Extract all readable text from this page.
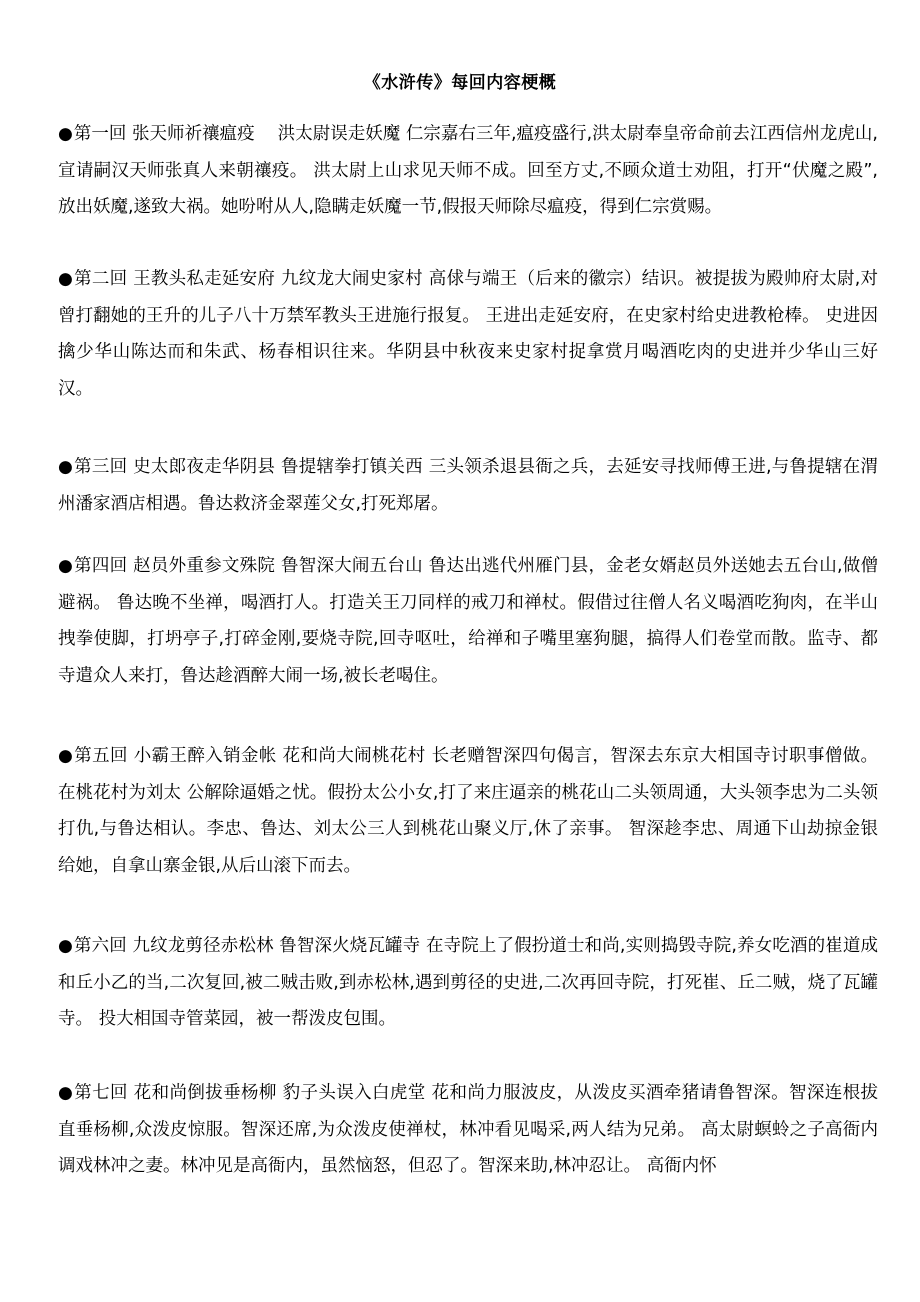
《水浒传》每回内容梗概

●第一回 张天师祈禳瘟疫　 洪太尉误走妖魔 仁宗嘉右三年,瘟疫盛行,洪太尉奉皇帝命前去江西信州龙虎山,宣请嗣汉天师张真人来朝禳疫。 洪太尉上山求见天师不成。回至方丈,不顾众道士劝阻，打开“伏魔之殿”,放出妖魔,遂致大祸。她吩咐从人,隐瞒走妖魔一节,假报天师除尽瘟疫，得到仁宗赏赐。

●第二回 王教头私走延安府 九纹龙大闹史家村 高俅与端王（后来的徽宗）结识。被提拔为殿帅府太尉,对曾打翻她的王升的儿子八十万禁军教头王进施行报复。 王进出走延安府，在史家村给史进教枪棒。 史进因擒少华山陈达而和朱武、杨春相识往来。华阴县中秋夜来史家村捉拿赏月喝酒吃肉的史进并少华山三好汉。

●第三回 史太郎夜走华阴县 鲁提辖拳打镇关西 三头领杀退县衙之兵，去延安寻找师傅王进,与鲁提辖在渭州潘家酒店相遇。鲁达救济金翠莲父女,打死郑屠。

●第四回 赵员外重参文殊院 鲁智深大闹五台山 鲁达出逃代州雁门县，金老女婿赵员外送她去五台山,做僧避祸。 鲁达晚不坐禅，喝酒打人。打造关王刀同样的戒刀和禅杖。假借过往僧人名义喝酒吃狗肉，在半山拽拳使脚，打坍亭子,打碎金刚,要烧寺院,回寺呕吐，给禅和子嘴里塞狗腿，搞得人们卷堂而散。监寺、都寺遣众人来打，鲁达趁酒醉大闹一场,被长老喝住。

●第五回 小霸王醉入销金帐 花和尚大闹桃花村 长老赠智深四句偈言，智深去东京大相国寺讨职事僧做。在桃花村为刘太 公解除逼婚之忧。假扮太公小女,打了来庄逼亲的桃花山二头领周通，大头领李忠为二头领打仇,与鲁达相认。李忠、鲁达、刘太公三人到桃花山聚义厅,休了亲事。 智深趁李忠、周通下山劫掠金银给她，自拿山寨金银,从后山滚下而去。

●第六回 九纹龙剪径赤松林 鲁智深火烧瓦罐寺 在寺院上了假扮道士和尚,实则捣毁寺院,养女吃酒的崔道成和丘小乙的当,二次复回,被二贼击败,到赤松林,遇到剪径的史进,二次再回寺院，打死崔、丘二贼，烧了瓦罐寺。 投大相国寺管菜园，被一帮泼皮包围。

●第七回 花和尚倒拔垂杨柳 豹子头误入白虎堂 花和尚力服波皮，从泼皮买酒牵猪请鲁智深。智深连根拔直垂杨柳,众泼皮惊服。智深还席,为众泼皮使禅杖，林冲看见喝采,两人结为兄弟。 高太尉螟蛉之子高衙内调戏林冲之妻。林冲见是高衙内，虽然恼怒，但忍了。智深来助,林冲忍让。 高衙内怀
